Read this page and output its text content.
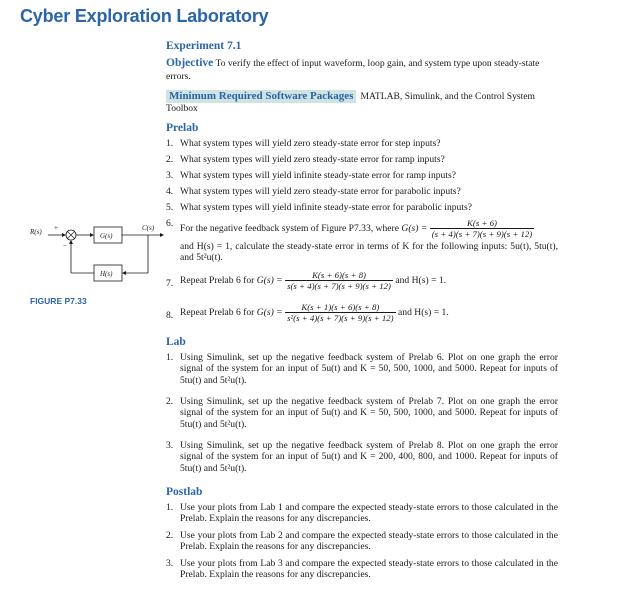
Cyber Exploration Laboratory
Experiment 7.1
Objective To verify the effect of input waveform, loop gain, and system type upon steady-state errors.
Minimum Required Software Packages MATLAB, Simulink, and the Control System Toolbox
Prelab
1. What system types will yield zero steady-state error for step inputs?
2. What system types will yield zero steady-state error for ramp inputs?
3. What system types will yield infinite steady-state error for ramp inputs?
4. What system types will yield zero steady-state error for parabolic inputs?
5. What system types will yield infinite steady-state error for parabolic inputs?
6. For the negative feedback system of Figure P7.33, where $G(s) = \frac{K(s + 6)}{(s + 4)(s + 7)(s + 9)(s + 12)}$
and H(s) = 1, calculate the steady-state error in terms of K for the following inputs: 5u(t), 5tu(t), and 5t²u(t).
7. Repeat Prelab 6 for $G(s) = \frac{K(s + 6)(s + 8)}{s(s + 4)(s + 7)(s + 9)(s + 12)}$ and H(s) = 1.
8. Repeat Prelab 6 for $G(s) = \frac{K(s + 1)(s + 6)(s + 8)}{\text{s²(s + 4)(s + 7)(s + 9)(s + 12)}}$ and H(s) = 1.
Lab
1. Using Simulink, set up the negative feedback system of Prelab 6. Plot on one graph the error signal of the system for an input of 5u(t) and K = 50, 500, 1000, and 5000. Repeat for inputs of 5tu(t) and 5t²u(t).
2. Using Simulink, set up the negative feedback system of Prelab 7. Plot on one graph the error signal of the system for an input of 5u(t) and K = 50, 500, 1000, and 5000. Repeat for inputs of 5tu(t) and 5t²u(t).
3. Using Simulink, set up the negative feedback system of Prelab 8. Plot on one graph the error signal of the system for an input of 5u(t) and K = 200, 400, 800, and 1000. Repeat for inputs of 5tu(t) and 5t²u(t).
Postlab
1. Use your plots from Lab 1 and compare the expected steady-state errors to those calculated in the Prelab. Explain the reasons for any discrepancies.
2. Use your plots from Lab 2 and compare the expected steady-state errors to those calculated in the Prelab. Explain the reasons for any discrepancies.
3. Use your plots from Lab 3 and compare the expected steady-state errors to those calculated in the Prelab. Explain the reasons for any discrepancies.
R(s) +
−
G(s)
C(s)
H(s)
FIGURE P7.33
